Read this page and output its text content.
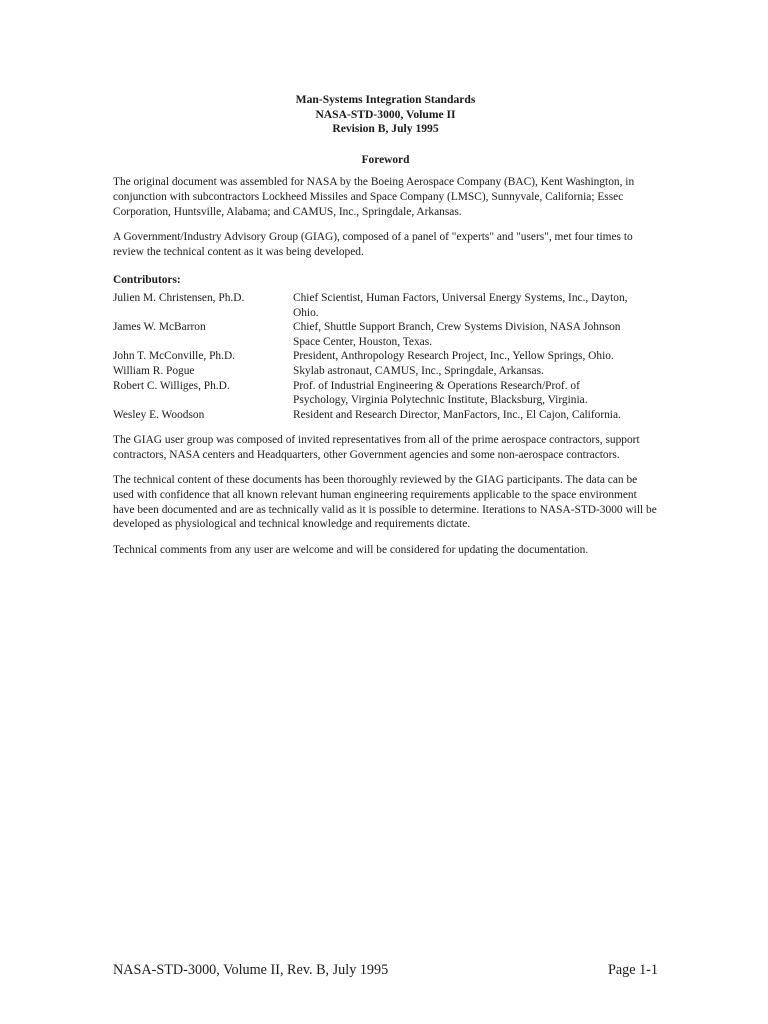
Man-Systems Integration Standards
NASA-STD-3000, Volume II
Revision B, July 1995
Foreword

The original document was assembled for NASA by the Boeing Aerospace Company (BAC), Kent Washington, in conjunction with subcontractors Lockheed Missiles and Space Company (LMSC), Sunnyvale, California; Essec Corporation, Huntsville, Alabama; and CAMUS, Inc., Springdale, Arkansas.

A Government/Industry Advisory Group (GIAG), composed of a panel of "experts" and "users", met four times to review the technical content as it was being developed.

Contributors:
Julien M. Christensen, Ph.D.	Chief Scientist, Human Factors, Universal Energy Systems, Inc., Dayton, Ohio.
James W. McBarron	Chief, Shuttle Support Branch, Crew Systems Division, NASA Johnson Space Center, Houston, Texas.
John T. McConville, Ph.D.	President, Anthropology Research Project, Inc., Yellow Springs, Ohio.
William R. Pogue	Skylab astronaut, CAMUS, Inc., Springdale, Arkansas.
Robert C. Williges, Ph.D.	Prof. of Industrial Engineering & Operations Research/Prof. of Psychology, Virginia Polytechnic Institute, Blacksburg, Virginia.
Wesley E. Woodson	Resident and Research Director, ManFactors, Inc., El Cajon, California.

The GIAG user group was composed of invited representatives from all of the prime aerospace contractors, support contractors, NASA centers and Headquarters, other Government agencies and some non-aerospace contractors.

The technical content of these documents has been thoroughly reviewed by the GIAG participants. The data can be used with confidence that all known relevant human engineering requirements applicable to the space environment have been documented and are as technically valid as it is possible to determine. Iterations to NASA-STD-3000 will be developed as physiological and technical knowledge and requirements dictate.

Technical comments from any user are welcome and will be considered for updating the documentation.

NASA-STD-3000, Volume II, Rev. B, July 1995	Page 1-1
